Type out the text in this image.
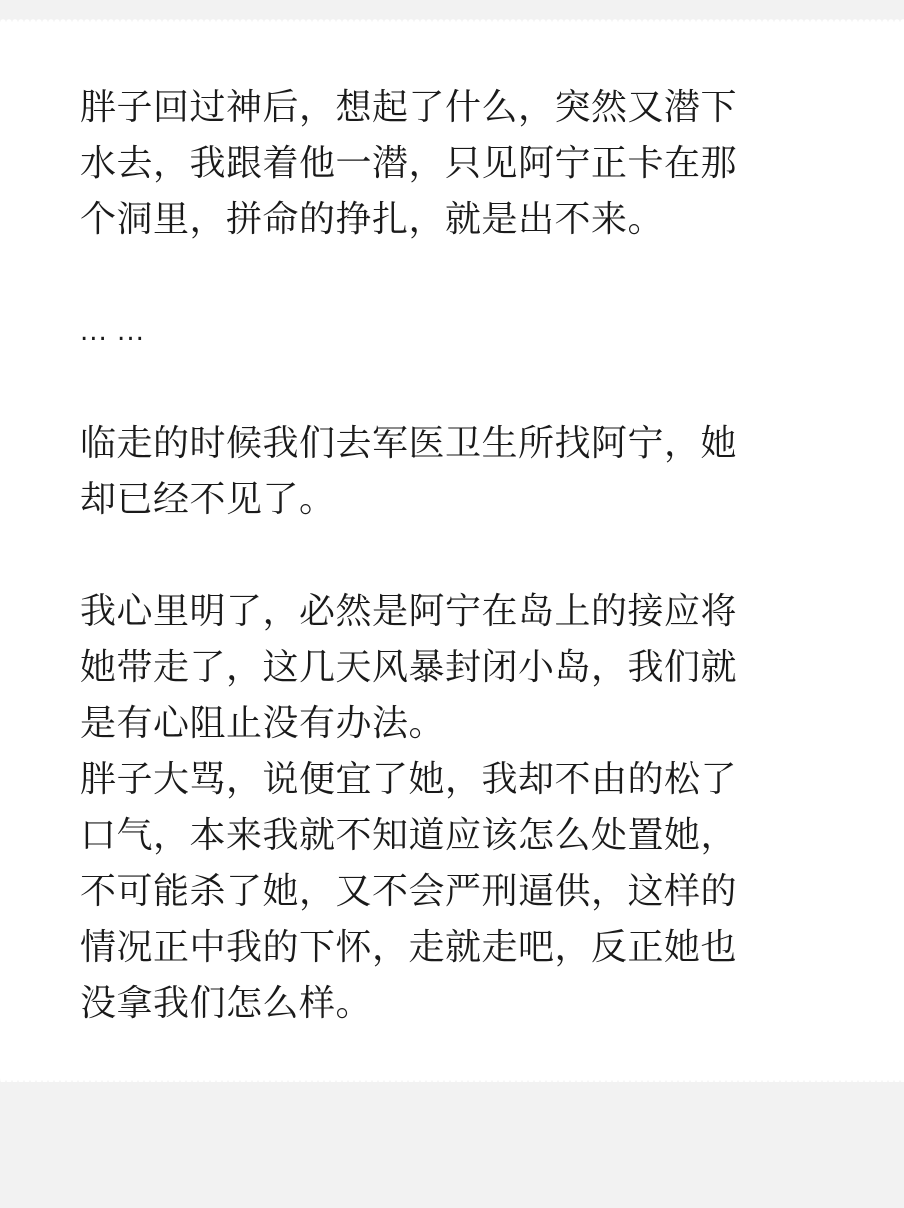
胖子回过神后，想起了什么，突然又潜下
水去，我跟着他一潜，只见阿宁正卡在那
个洞里，拼命的挣扎，就是出不来。

... ...

临走的时候我们去军医卫生所找阿宁，她
却已经不见了。

我心里明了，必然是阿宁在岛上的接应将
她带走了，这几天风暴封闭小岛，我们就
是有心阻止没有办法。

胖子大骂，说便宜了她，我却不由的松了
口气，本来我就不知道应该怎么处置她，
不可能杀了她，又不会严刑逼供，这样的
情况正中我的下怀，走就走吧，反正她也
没拿我们怎么样。
